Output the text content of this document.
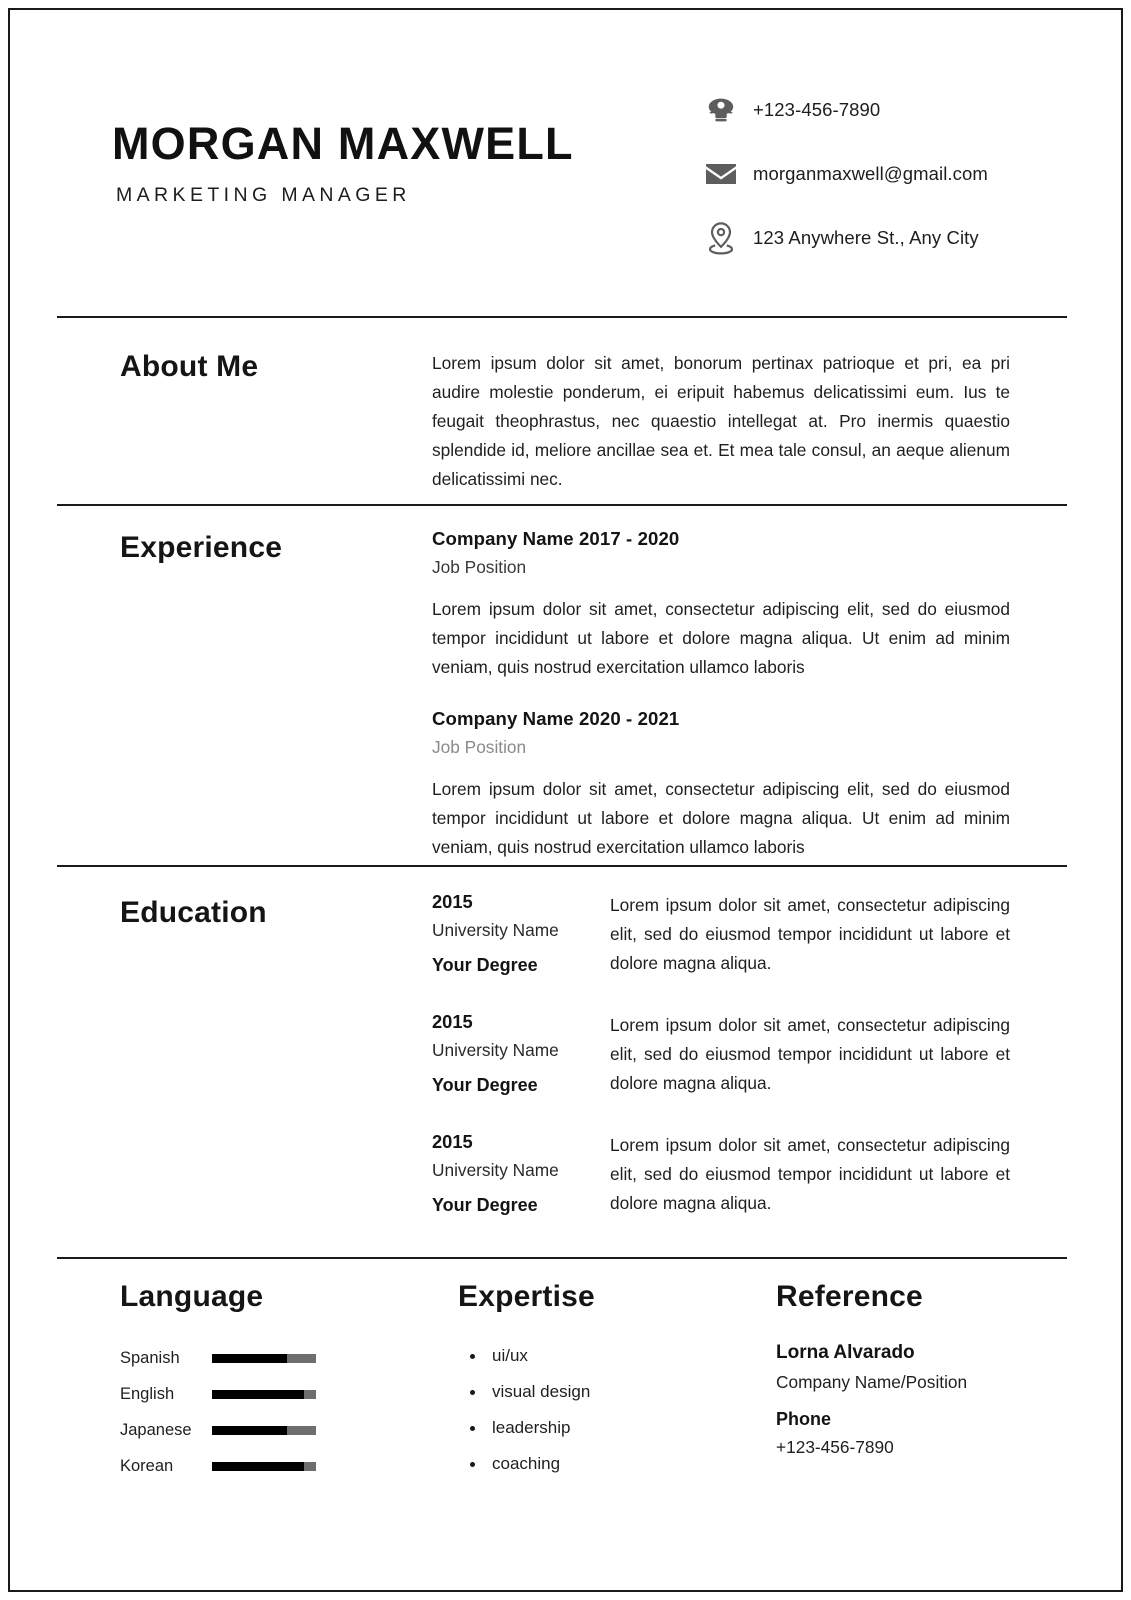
MORGAN MAXWELL
MARKETING MANAGER
+123-456-7890
morganmaxwell@gmail.com
123 Anywhere St., Any City
About Me	Lorem ipsum dolor sit amet, bonorum pertinax patrioque et pri, ea pri audire molestie ponderum, ei eripuit habemus delicatissimi eum. Ius te feugait theophrastus, nec quaestio intellegat at. Pro inermis quaestio splendide id, meliore ancillae sea et. Et mea tale consul, an aeque alienum delicatissimi nec.
Experience	Company Name 2017 - 2020
Job Position
Lorem ipsum dolor sit amet, consectetur adipiscing elit, sed do eiusmod tempor incididunt ut labore et dolore magna aliqua. Ut enim ad minim veniam, quis nostrud exercitation ullamco laboris
Company Name 2020 - 2021
Job Position
Lorem ipsum dolor sit amet, consectetur adipiscing elit, sed do eiusmod tempor incididunt ut labore et dolore magna aliqua. Ut enim ad minim veniam, quis nostrud exercitation ullamco laboris
Education	2015
University Name
Your Degree
Lorem ipsum dolor sit amet, consectetur adipiscing elit, sed do eiusmod tempor incididunt ut labore et dolore magna aliqua.
2015
University Name
Your Degree
Lorem ipsum dolor sit amet, consectetur adipiscing elit, sed do eiusmod tempor incididunt ut labore et dolore magna aliqua.
2015
University Name
Your Degree
Lorem ipsum dolor sit amet, consectetur adipiscing elit, sed do eiusmod tempor incididunt ut labore et dolore magna aliqua.
Language
Spanish
English
Japanese
Korean
Expertise
ui/ux
visual design
leadership
coaching
Reference
Lorna Alvarado
Company Name/Position
Phone
+123-456-7890
